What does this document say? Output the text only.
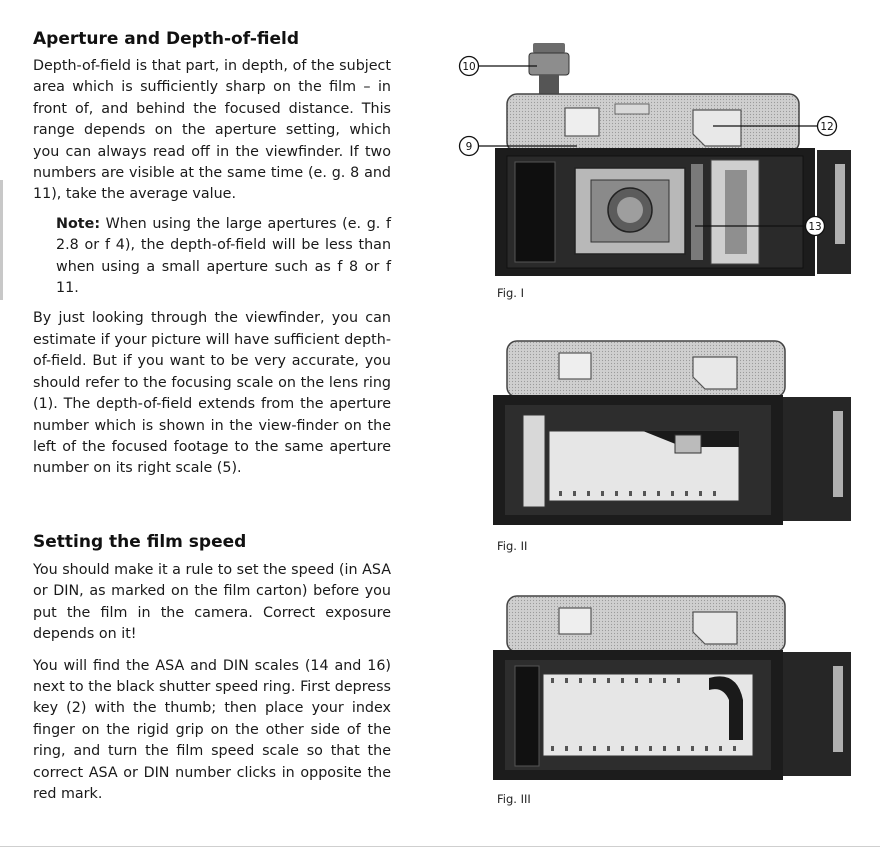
Aperture and Depth-of-field

Depth-of-field is that part, in depth, of the subject area which is sufficiently sharp on the film – in front of, and behind the focused distance. This range depends on the aperture setting, which you can always read off in the viewfinder. If two numbers are visible at the same time (e. g. 8 and 11), take the average value.

Note: When using the large apertures (e. g. f 2.8 or f 4), the depth-of-field will be less than when using a small aperture such as f 8 or f 11.

By just looking through the viewfinder, you can estimate if your picture will have sufficient depth-of-field. But if you want to be very accurate, you should refer to the focusing scale on the lens ring (1). The depth-of-field extends from the aperture number which is shown in the view-finder on the left of the focused footage to the same aperture number on its right scale (5).

Setting the film speed

You should make it a rule to set the speed (in ASA or DIN, as marked on the film carton) before you put the film in the camera. Correct exposure depends on it!

You will find the ASA and DIN scales (14 and 16) next to the black shutter speed ring. First depress key (2) with the thumb; then place your index finger on the rigid grip on the other side of the ring, and turn the film speed scale so that the correct ASA or DIN number clicks in opposite the red mark.

10
9
12
13
Fig. I
Fig. II
Fig. III
